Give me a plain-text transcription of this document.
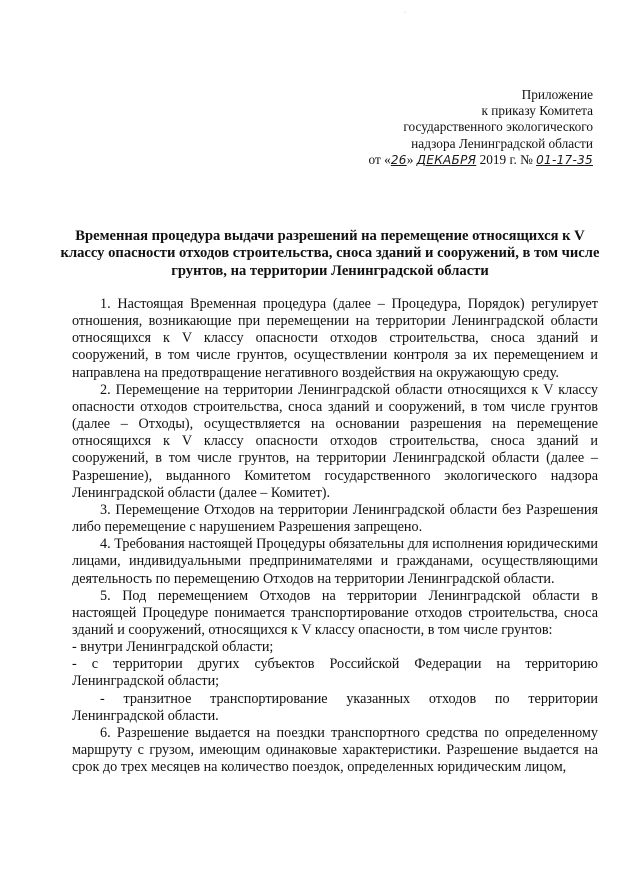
·
Приложение
к приказу Комитета
государственного экологического
надзора Ленинградской области
от «26» ДЕКАБРЯ 2019 г. № 01-17-35
Временная процедура выдачи разрешений на перемещение относящихся к V классу опасности отходов строительства, сноса зданий и сооружений, в том числе грунтов, на территории Ленинградской области

1. Настоящая Временная процедура (далее – Процедура, Порядок) регулирует отношения, возникающие при перемещении на территории Ленинградской области относящихся к V классу опасности отходов строительства, сноса зданий и сооружений, в том числе грунтов, осуществлении контроля за их перемещением и направлена на предотвращение негативного воздействия на окружающую среду.

2. Перемещение на территории Ленинградской области относящихся к V классу опасности отходов строительства, сноса зданий и сооружений, в том числе грунтов (далее – Отходы), осуществляется на основании разрешения на перемещение относящихся к V классу опасности отходов строительства, сноса зданий и сооружений, в том числе грунтов, на территории Ленинградской области (далее – Разрешение), выданного Комитетом государственного экологического надзора Ленинградской области (далее – Комитет).

3. Перемещение Отходов на территории Ленинградской области без Разрешения либо перемещение с нарушением Разрешения запрещено.

4. Требования настоящей Процедуры обязательны для исполнения юридическими лицами, индивидуальными предпринимателями и гражданами, осуществляющими деятельность по перемещению Отходов на территории Ленинградской области.

5. Под перемещением Отходов на территории Ленинградской области в настоящей Процедуре понимается транспортирование отходов строительства, сноса зданий и сооружений, относящихся к V классу опасности, в том числе грунтов:

- внутри Ленинградской области;

- с территории других субъектов Российской Федерации на территорию Ленинградской области;

- транзитное транспортирование указанных отходов по территории Ленинградской области.

6. Разрешение выдается на поездки транспортного средства по определенному маршруту с грузом, имеющим одинаковые характеристики. Разрешение выдается на срок до трех месяцев на количество поездок, определенных юридическим лицом,
